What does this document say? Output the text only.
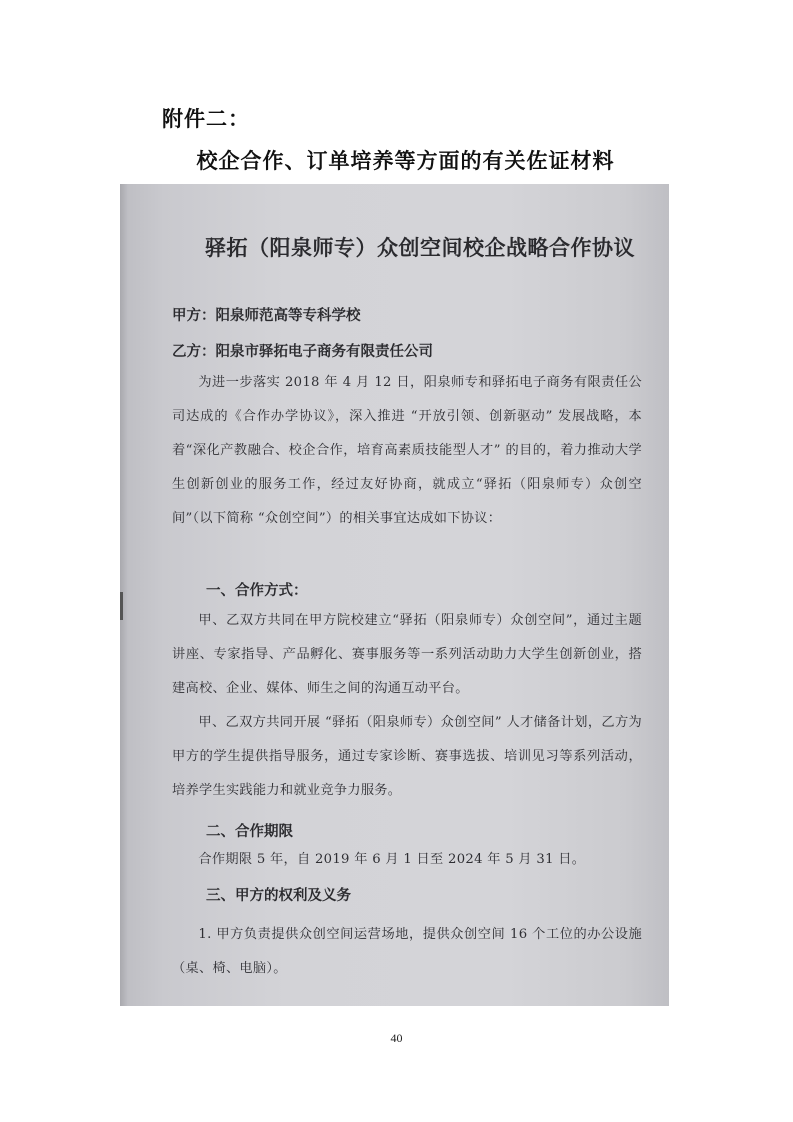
附件二：
校企合作、订单培养等方面的有关佐证材料
驿拓（阳泉师专）众创空间校企战略合作协议
甲方：阳泉师范高等专科学校
乙方：阳泉市驿拓电子商务有限责任公司
为进一步落实 2018 年 4 月 12 日，阳泉师专和驿拓电子商务有限责任公司达成的《合作办学协议》，深入推进 “开放引领、创新驱动” 发展战略，本着“深化产教融合、校企合作，培育高素质技能型人才” 的目的，着力推动大学生创新创业的服务工作，经过友好协商，就成立“驿拓（阳泉师专）众创空间”（以下简称 “众创空间”）的相关事宜达成如下协议：
一、合作方式：
甲、乙双方共同在甲方院校建立“驿拓（阳泉师专）众创空间”，通过主题讲座、专家指导、产品孵化、赛事服务等一系列活动助力大学生创新创业，搭建高校、企业、媒体、师生之间的沟通互动平台。
甲、乙双方共同开展 “驿拓（阳泉师专）众创空间” 人才储备计划，乙方为甲方的学生提供指导服务，通过专家诊断、赛事选拔、培训见习等系列活动，培养学生实践能力和就业竞争力服务。
二、合作期限
合作期限 5 年，自 2019 年 6 月 1 日至 2024 年 5 月 31 日。
三、甲方的权利及义务
1. 甲方负责提供众创空间运营场地，提供众创空间 16 个工位的办公设施（桌、椅、电脑）。
40
